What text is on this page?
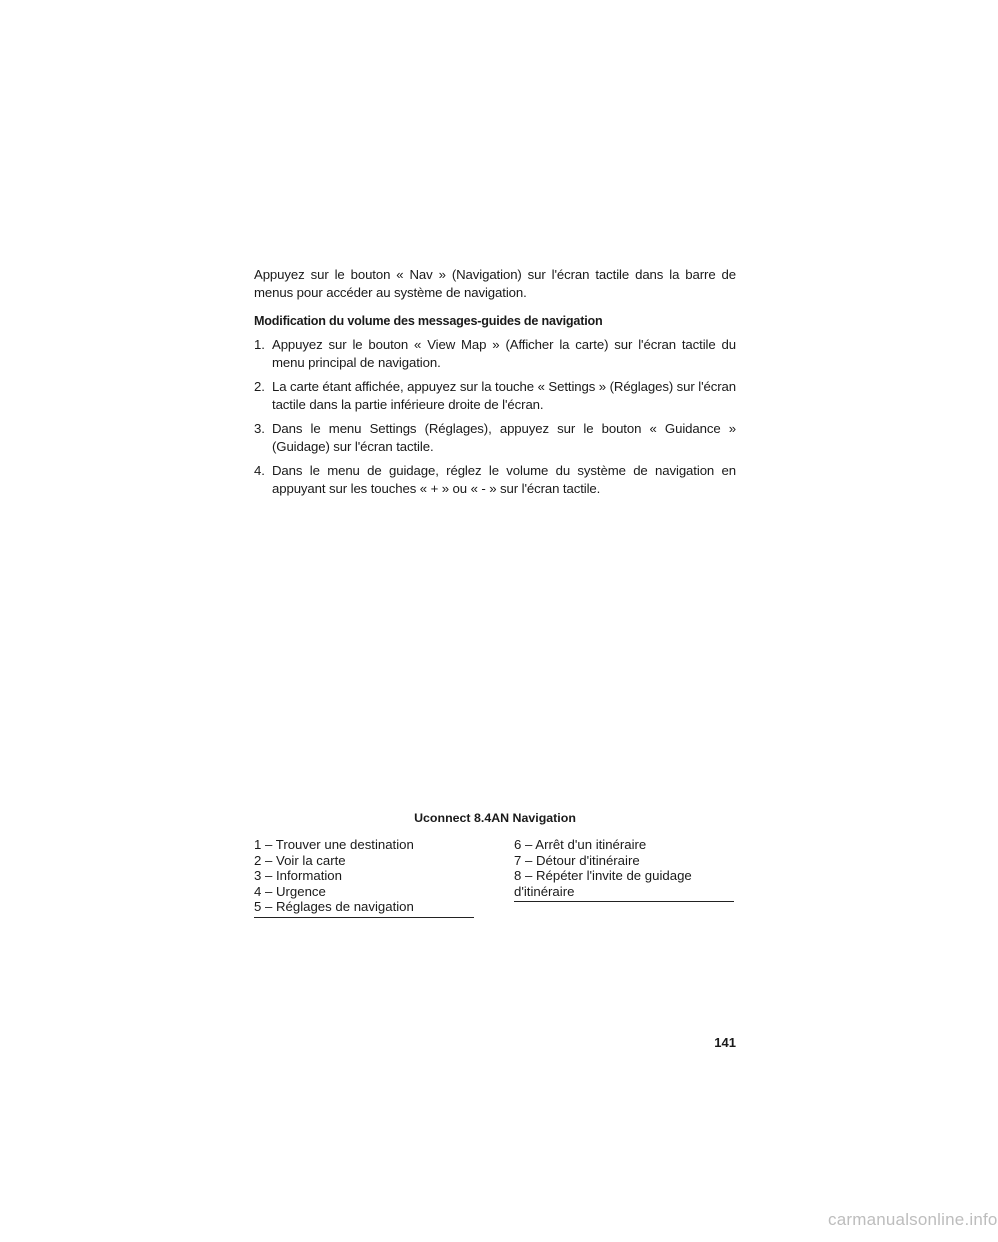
Appuyez sur le bouton « Nav » (Navigation) sur l'écran tactile dans la barre de menus pour accéder au système de navigation.

Modification du volume des messages-guides de navigation
1. Appuyez sur le bouton « View Map » (Afficher la carte) sur l'écran tactile du menu principal de navigation.
2. La carte étant affichée, appuyez sur la touche « Settings » (Réglages) sur l'écran tactile dans la partie inférieure droite de l'écran.
3. Dans le menu Settings (Réglages), appuyez sur le bouton « Guidance » (Guidage) sur l'écran tactile.
4. Dans le menu de guidage, réglez le volume du système de navigation en appuyant sur les touches « + » ou « - » sur l'écran tactile.
Uconnect 8.4AN Navigation
1 – Trouver une destination
2 – Voir la carte
3 – Information
4 – Urgence
5 – Réglages de navigation
6 – Arrêt d'un itinéraire
7 – Détour d'itinéraire
8 – Répéter l'invite de guidage d'itinéraire
141
carmanualsonline.info
